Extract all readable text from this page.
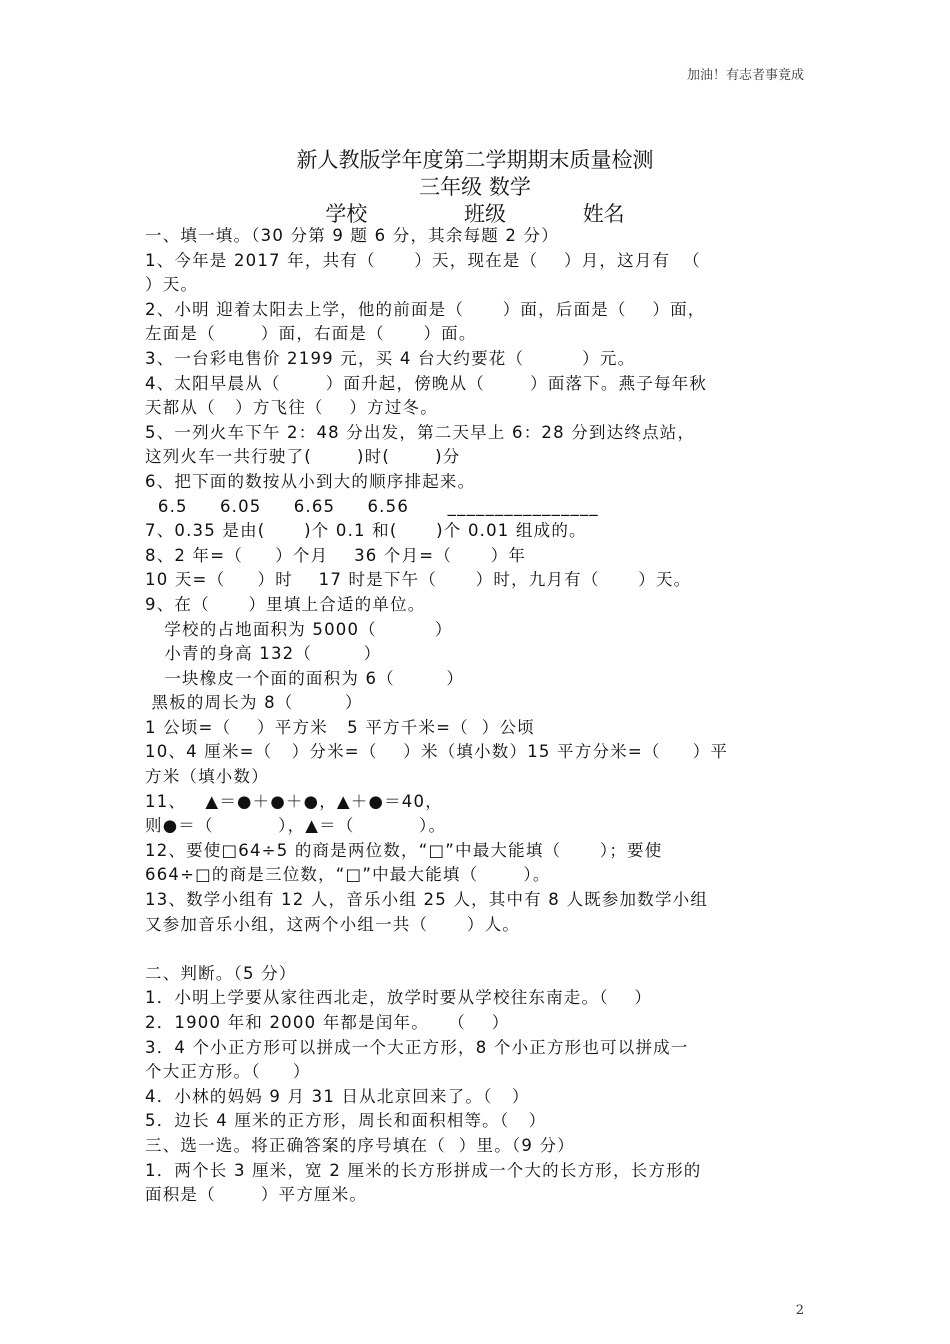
加油！有志者事竟成
新人教版学年度第二学期期末质量检测
三年级 数学
学校	班级	姓名
一、填一填。（30 分第 9 题 6 分，其余每题 2 分）
1、今年是 2017 年，共有（      ）天，现在是（    ）月，这月有  （
）天。
2、小明 迎着太阳去上学，他的前面是（      ）面，后面是（    ）面，
左面是（       ）面，右面是（      ）面。
3、一台彩电售价 2199 元，买 4 台大约要花（         ）元。
4、太阳早晨从（       ）面升起，傍晚从（       ）面落下。燕子每年秋
天都从（   ）方飞往（    ）方过冬。
5、一列火车下午 2：48 分出发，第二天早上 6：28 分到达终点站，
这列火车一共行驶了(       )时(       )分
6、把下面的数按从小到大的顺序排起来。
6.5     6.05     6.65     6.56      ________________
7、0.35 是由(      )个 0.1 和(      )个 0.01 组成的。
8、2 年=（     ）个月    36 个月=（      ）年
10 天=（     ）时    17 时是下午（      ）时，九月有（      ）天。
9、在（      ）里填上合适的单位。
学校的占地面积为 5000（         ）
小青的身高 132（        ）
一块橡皮一个面的面积为 6（        ）
黑板的周长为 8（        ）
1 公顷=（    ）平方米   5 平方千米=（  ）公顷
10、4 厘米=（   ）分米=（    ）米（填小数）15 平方分米=（     ）平
方米（填小数）
11、   ▲＝●＋●＋●，▲＋●＝40，
则●＝（          ），▲＝（          ）。
12、要使□64÷5 的商是两位数，“□”中最大能填（      ）；要使
664÷□的商是三位数，“□”中最大能填（       ）。
13、数学小组有 12 人，音乐小组 25 人，其中有 8 人既参加数学小组
又参加音乐小组，这两个小组一共（      ）人。
二、判断。（5 分）
1．小明上学要从家往西北走，放学时要从学校往东南走。（    ）
2．1900 年和 2000 年都是闰年。   （    ）
3．4 个小正方形可以拼成一个大正方形，8 个小正方形也可以拼成一
个大正方形。（     ）
4．小林的妈妈 9 月 31 日从北京回来了。（   ）
5．边长 4 厘米的正方形，周长和面积相等。（   ）
三、选一选。将正确答案的序号填在（  ）里。（9 分）
1．两个长 3 厘米，宽 2 厘米的长方形拼成一个大的长方形，长方形的
面积是（       ）平方厘米。
2
